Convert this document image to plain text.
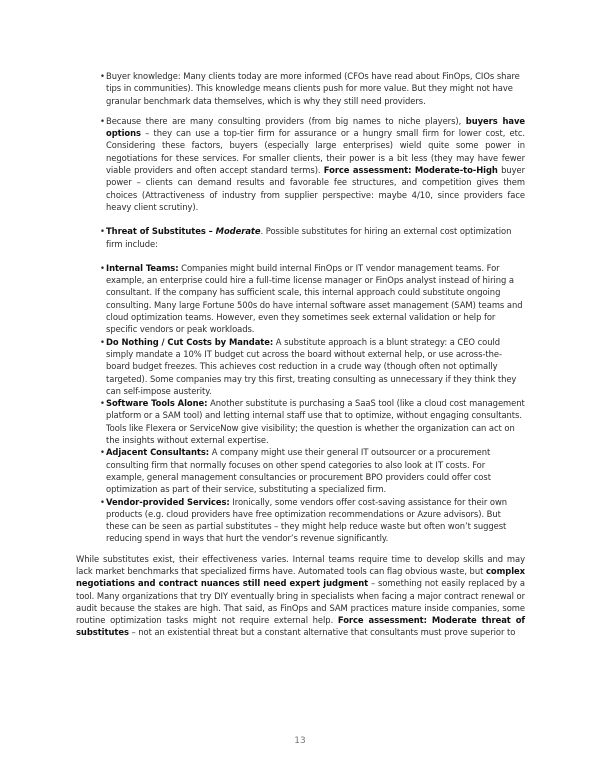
• Buyer knowledge: Many clients today are more informed (CFOs have read about FinOps, CIOs share tips in communities). This knowledge means clients push for more value. But they might not have granular benchmark data themselves, which is why they still need providers.
• Because there are many consulting providers (from big names to niche players), buyers have options – they can use a top-tier firm for assurance or a hungry small firm for lower cost, etc. Considering these factors, buyers (especially large enterprises) wield quite some power in negotiations for these services. For smaller clients, their power is a bit less (they may have fewer viable providers and often accept standard terms). Force assessment: Moderate-to-High buyer power – clients can demand results and favorable fee structures, and competition gives them choices (Attractiveness of industry from supplier perspective: maybe 4/10, since providers face heavy client scrutiny).
• Threat of Substitutes – Moderate. Possible substitutes for hiring an external cost optimization firm include:
• Internal Teams: Companies might build internal FinOps or IT vendor management teams. For example, an enterprise could hire a full-time license manager or FinOps analyst instead of hiring a consultant. If the company has sufficient scale, this internal approach could substitute ongoing consulting. Many large Fortune 500s do have internal software asset management (SAM) teams and cloud optimization teams. However, even they sometimes seek external validation or help for specific vendors or peak workloads.
• Do Nothing / Cut Costs by Mandate: A substitute approach is a blunt strategy: a CEO could simply mandate a 10% IT budget cut across the board without external help, or use across-the-board budget freezes. This achieves cost reduction in a crude way (though often not optimally targeted). Some companies may try this first, treating consulting as unnecessary if they think they can self-impose austerity.
• Software Tools Alone: Another substitute is purchasing a SaaS tool (like a cloud cost management platform or a SAM tool) and letting internal staff use that to optimize, without engaging consultants. Tools like Flexera or ServiceNow give visibility; the question is whether the organization can act on the insights without external expertise.
• Adjacent Consultants: A company might use their general IT outsourcer or a procurement consulting firm that normally focuses on other spend categories to also look at IT costs. For example, general management consultancies or procurement BPO providers could offer cost optimization as part of their service, substituting a specialized firm.
• Vendor-provided Services: Ironically, some vendors offer cost-saving assistance for their own products (e.g. cloud providers have free optimization recommendations or Azure advisors). But these can be seen as partial substitutes – they might help reduce waste but often won’t suggest reducing spend in ways that hurt the vendor’s revenue significantly.
While substitutes exist, their effectiveness varies. Internal teams require time to develop skills and may lack market benchmarks that specialized firms have. Automated tools can flag obvious waste, but complex negotiations and contract nuances still need expert judgment – something not easily replaced by a tool. Many organizations that try DIY eventually bring in specialists when facing a major contract renewal or audit because the stakes are high. That said, as FinOps and SAM practices mature inside companies, some routine optimization tasks might not require external help. Force assessment: Moderate threat of substitutes – not an existential threat but a constant alternative that consultants must prove superior to
13
